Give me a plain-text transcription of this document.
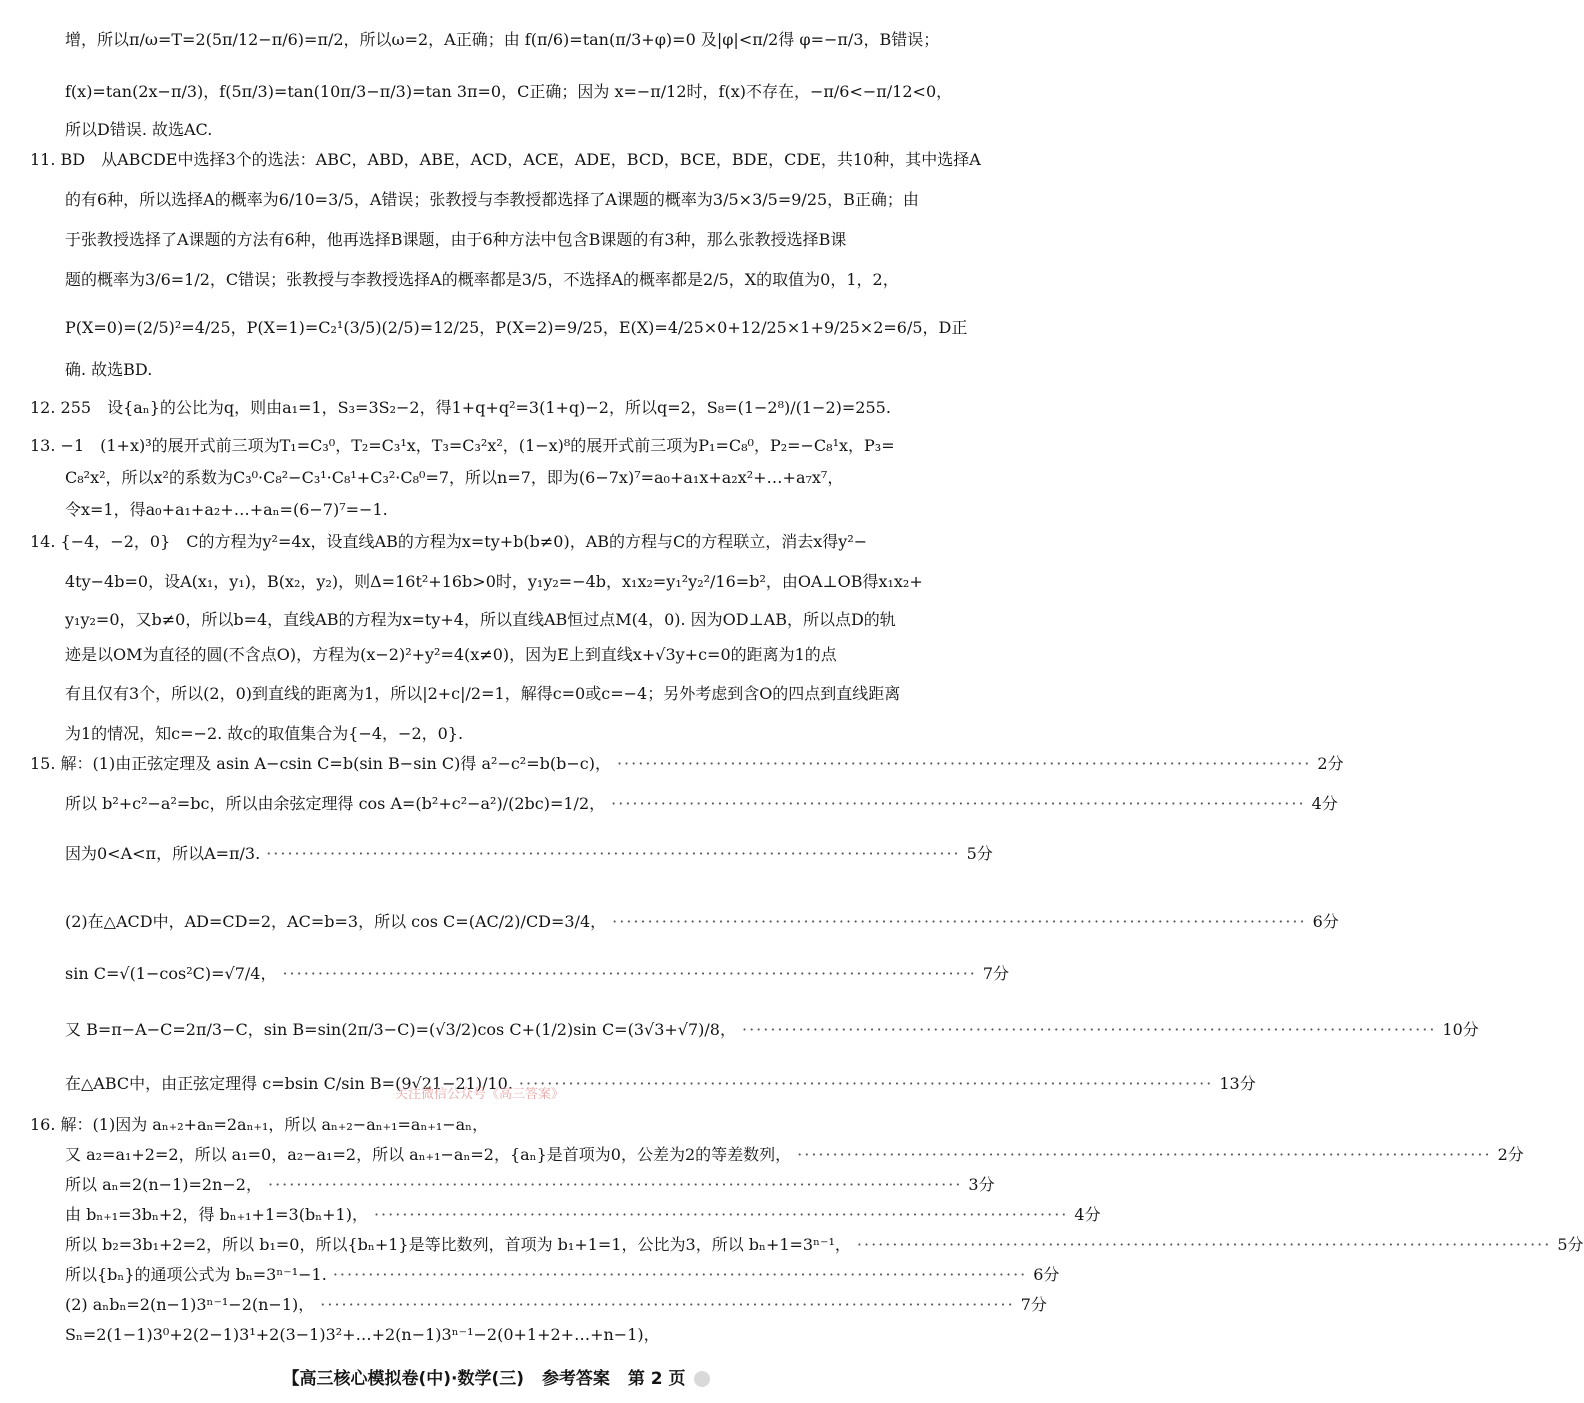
增，所以π/ω=T=2(5π/12−π/6)=π/2，所以ω=2，A正确；由 f(π/6)=tan(π/3+φ)=0 及|φ|<π/2得 φ=−π/3，B错误；
f(x)=tan(2x−π/3)，f(5π/3)=tan(10π/3−π/3)=tan 3π=0，C正确；因为 x=−π/12时，f(x)不存在，−π/6<−π/12<0，
所以D错误. 故选AC.
11. BD　从ABCDE中选择3个的选法：ABC，ABD，ABE，ACD，ACE，ADE，BCD，BCE，BDE，CDE，共10种，其中选择A
的有6种，所以选择A的概率为6/10=3/5，A错误；张教授与李教授都选择了A课题的概率为3/5×3/5=9/25，B正确；由
于张教授选择了A课题的方法有6种，他再选择B课题，由于6种方法中包含B课题的有3种，那么张教授选择B课
题的概率为3/6=1/2，C错误；张教授与李教授选择A的概率都是3/5，不选择A的概率都是2/5，X的取值为0，1，2，
P(X=0)=(2/5)²=4/25，P(X=1)=C₂¹(3/5)(2/5)=12/25，P(X=2)=9/25，E(X)=4/25×0+12/25×1+9/25×2=6/5，D正
确. 故选BD.
12. 255　设{aₙ}的公比为q，则由a₁=1，S₃=3S₂−2，得1+q+q²=3(1+q)−2，所以q=2，S₈=(1−2⁸)/(1−2)=255.
13. −1　(1+x)³的展开式前三项为T₁=C₃⁰，T₂=C₃¹x，T₃=C₃²x²，(1−x)⁸的展开式前三项为P₁=C₈⁰，P₂=−C₈¹x，P₃=
C₈²x²，所以x²的系数为C₃⁰·C₈²−C₃¹·C₈¹+C₃²·C₈⁰=7，所以n=7，即为(6−7x)⁷=a₀+a₁x+a₂x²+…+a₇x⁷，
令x=1，得a₀+a₁+a₂+…+aₙ=(6−7)⁷=−1.
14. {−4，−2，0}　C的方程为y²=4x，设直线AB的方程为x=ty+b(b≠0)，AB的方程与C的方程联立，消去x得y²−
4ty−4b=0，设A(x₁，y₁)，B(x₂，y₂)，则Δ=16t²+16b>0时，y₁y₂=−4b，x₁x₂=y₁²y₂²/16=b²，由OA⊥OB得x₁x₂+
y₁y₂=0，又b≠0，所以b=4，直线AB的方程为x=ty+4，所以直线AB恒过点M(4，0). 因为OD⊥AB，所以点D的轨
迹是以OM为直径的圆(不含点O)，方程为(x−2)²+y²=4(x≠0)，因为E上到直线x+√3y+c=0的距离为1的点
有且仅有3个，所以(2，0)到直线的距离为1，所以|2+c|/2=1，解得c=0或c=−4；另外考虑到含O的四点到直线距离
为1的情况，知c=−2. 故c的取值集合为{−4，−2，0}.
15. 解：(1)由正弦定理及 asin A−csin C=b(sin B−sin C)得 a²−c²=b(b−c)， ·································································································· 2分
所以 b²+c²−a²=bc，所以由余弦定理得 cos A=(b²+c²−a²)/(2bc)=1/2， ·································································································· 4分
因为0<A<π，所以A=π/3. ·································································································· 5分
(2)在△ACD中，AD=CD=2，AC=b=3，所以 cos C=(AC/2)/CD=3/4， ·································································································· 6分
sin C=√(1−cos²C)=√7/4， ·································································································· 7分
又 B=π−A−C=2π/3−C，sin B=sin(2π/3−C)=(√3/2)cos C+(1/2)sin C=(3√3+√7)/8， ·································································································· 10分
在△ABC中，由正弦定理得 c=bsin C/sin B=(9√21−21)/10. ·································································································· 13分
16. 解：(1)因为 aₙ₊₂+aₙ=2aₙ₊₁，所以 aₙ₊₂−aₙ₊₁=aₙ₊₁−aₙ，
又 a₂=a₁+2=2，所以 a₁=0，a₂−a₁=2，所以 aₙ₊₁−aₙ=2，{aₙ}是首项为0，公差为2的等差数列， ·································································································· 2分
所以 aₙ=2(n−1)=2n−2， ·································································································· 3分
由 bₙ₊₁=3bₙ+2，得 bₙ₊₁+1=3(bₙ+1)， ·································································································· 4分
所以 b₂=3b₁+2=2，所以 b₁=0，所以{bₙ+1}是等比数列，首项为 b₁+1=1，公比为3，所以 bₙ+1=3ⁿ⁻¹， ·································································································· 5分
所以{bₙ}的通项公式为 bₙ=3ⁿ⁻¹−1. ·································································································· 6分
(2) aₙbₙ=2(n−1)3ⁿ⁻¹−2(n−1)， ·································································································· 7分
Sₙ=2(1−1)3⁰+2(2−1)3¹+2(3−1)3²+…+2(n−1)3ⁿ⁻¹−2(0+1+2+…+n−1)，
关注微信公众号《高三答案》
【高三核心模拟卷(中)·数学(三) 参考答案 第 2 页
